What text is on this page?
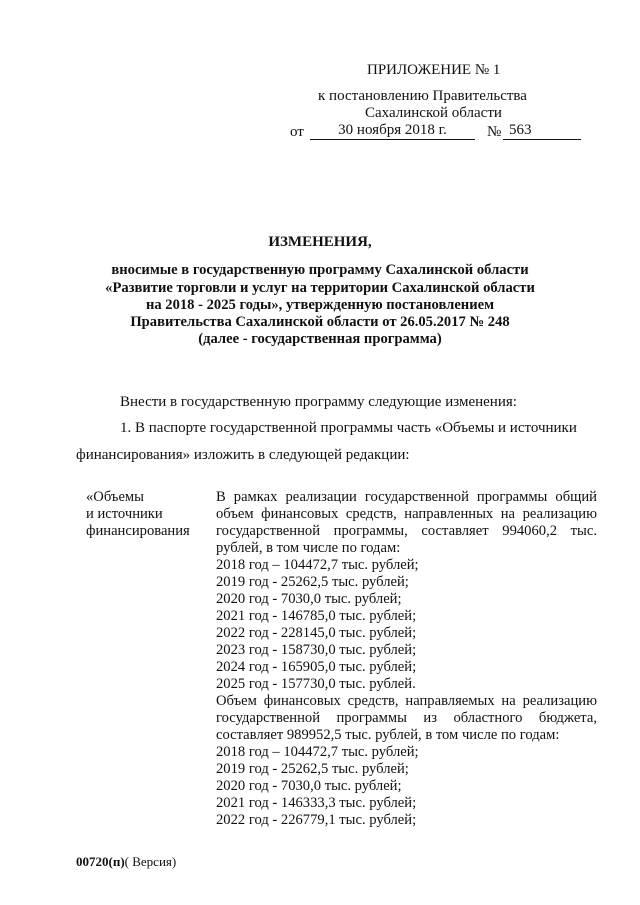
ПРИЛОЖЕНИЕ № 1
к постановлению Правительства
Сахалинской области
от	30 ноября 2018 г.	№ 563
ИЗМЕНЕНИЯ,
вносимые в государственную программу Сахалинской области
«Развитие торговли и услуг на территории Сахалинской области
на 2018 - 2025 годы», утвержденную постановлением
Правительства Сахалинской области от 26.05.2017 № 248
(далее - государственная программа)
Внести в государственную программу следующие изменения:
1. В паспорте государственной программы часть «Объемы и источники
финансирования» изложить в следующей редакции:
«Объемы
и источники
финансирования
В рамках реализации государственной программы общий
объем финансовых средств, направленных на реализацию
государственной программы, составляет 994060,2 тыс.
рублей, в том числе по годам:
2018 год – 104472,7 тыс. рублей;
2019 год - 25262,5 тыс. рублей;
2020 год - 7030,0 тыс. рублей;
2021 год - 146785,0 тыс. рублей;
2022 год - 228145,0 тыс. рублей;
2023 год - 158730,0 тыс. рублей;
2024 год - 165905,0 тыс. рублей;
2025 год - 157730,0 тыс. рублей.
Объем финансовых средств, направляемых на реализацию
государственной программы из областного бюджета,
составляет 989952,5 тыс. рублей, в том числе по годам:
2018 год – 104472,7 тыс. рублей;
2019 год - 25262,5 тыс. рублей;
2020 год - 7030,0 тыс. рублей;
2021 год - 146333,3 тыс. рублей;
2022 год - 226779,1 тыс. рублей;
00720(п)( Версия)
